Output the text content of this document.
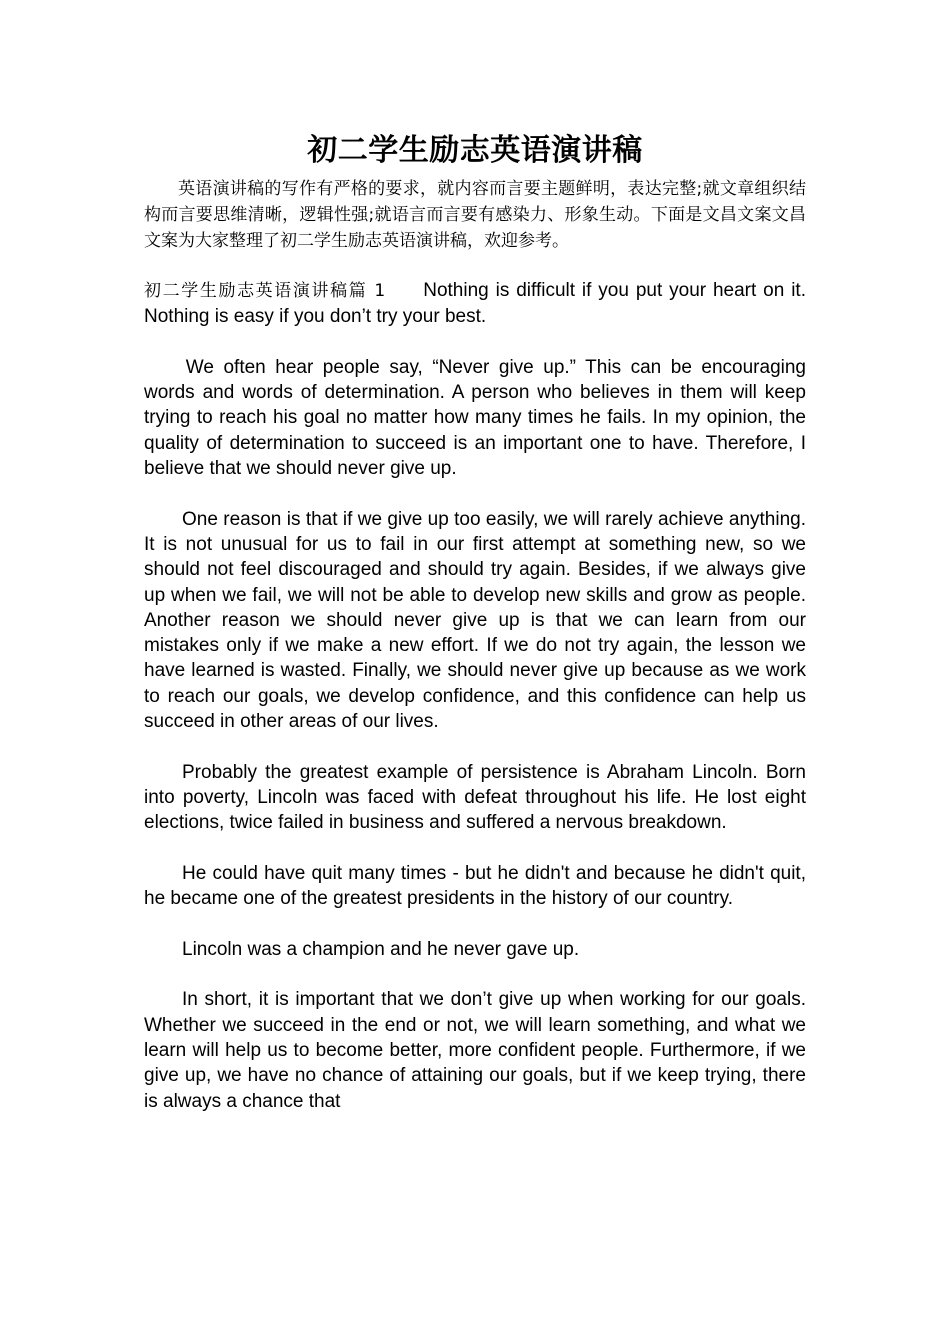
初二学生励志英语演讲稿

英语演讲稿的写作有严格的要求，就内容而言要主题鲜明，表达完整;就文章组织结构而言要思维清晰，逻辑性强;就语言而言要有感染力、形象生动。下面是文昌文案文昌文案为大家整理了初二学生励志英语演讲稿，欢迎参考。

初二学生励志英语演讲稿篇 1 Nothing is difficult if you put your heart on it. Nothing is easy if you don’t try your best.

We often hear people say, “Never give up.” This can be encouraging words and words of determination. A person who believes in them will keep trying to reach his goal no matter how many times he fails. In my opinion, the quality of determination to succeed is an important one to have. Therefore, I believe that we should never give up.

One reason is that if we give up too easily, we will rarely achieve anything. It is not unusual for us to fail in our first attempt at something new, so we should not feel discouraged and should try again. Besides, if we always give up when we fail, we will not be able to develop new skills and grow as people. Another reason we should never give up is that we can learn from our mistakes only if we make a new effort. If we do not try again, the lesson we have learned is wasted. Finally, we should never give up because as we work to reach our goals, we develop confidence, and this confidence can help us succeed in other areas of our lives.

Probably the greatest example of persistence is Abraham Lincoln. Born into poverty, Lincoln was faced with defeat throughout his life. He lost eight elections, twice failed in business and suffered a nervous breakdown.

He could have quit many times - but he didn't and because he didn't quit, he became one of the greatest presidents in the history of our country.

Lincoln was a champion and he never gave up.

In short, it is important that we don’t give up when working for our goals. Whether we succeed in the end or not, we will learn something, and what we learn will help us to become better, more confident people. Furthermore, if we give up, we have no chance of attaining our goals, but if we keep trying, there is always a chance that
